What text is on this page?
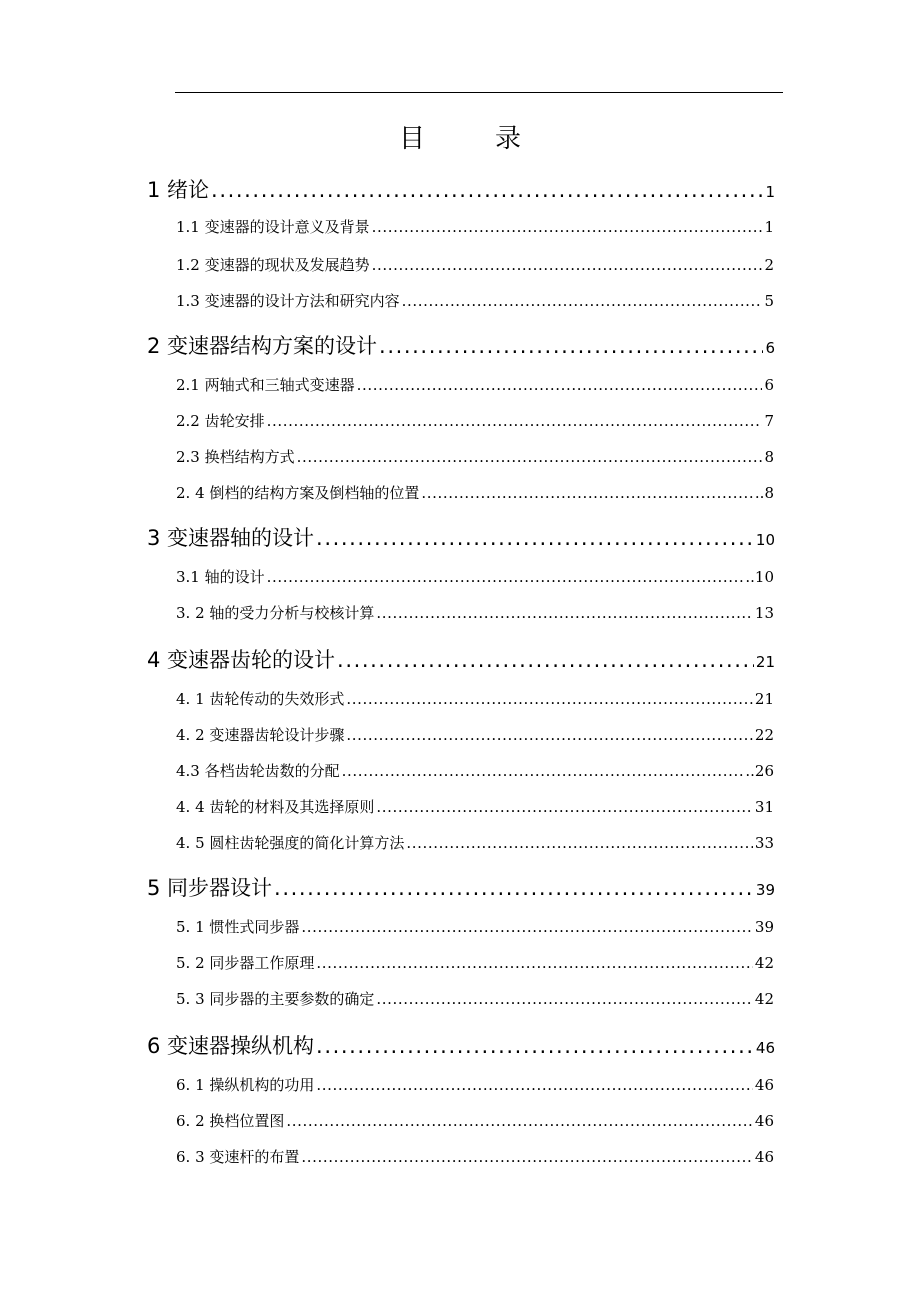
目　录
1 绪论 .....	1
1.1 变速器的设计意义及背景 .....	1
1.2 变速器的现状及发展趋势 .....	2
1.3 变速器的设计方法和研究内容 .....	5
2 变速器结构方案的设计 .....	6
2.1 两轴式和三轴式变速器 .....	6
2.2 齿轮安排 .....	7
2.3 换档结构方式 .....	8
2. 4 倒档的结构方案及倒档轴的位置 .....	..8
3 变速器轴的设计 .....	10
3.1 轴的设计 .....	..10
3. 2 轴的受力分析与校核计算 .....	13
4 变速器齿轮的设计 .....	21
4. 1 齿轮传动的失效形式 .....	21
4. 2 变速器齿轮设计步骤 .....	22
4.3 各档齿轮齿数的分配 .....	..26
4. 4 齿轮的材料及其选择原则 .....	31
4. 5 圆柱齿轮强度的简化计算方法 .....	33
5 同步器设计 .....	39
5. 1 惯性式同步器 .....	39
5. 2 同步器工作原理 .....	42
5. 3 同步器的主要参数的确定 .....	42
6 变速器操纵机构 .....	46
6. 1 操纵机构的功用 .....	46
6. 2 换档位置图 .....	46
6. 3 变速杆的布置 .....	46
